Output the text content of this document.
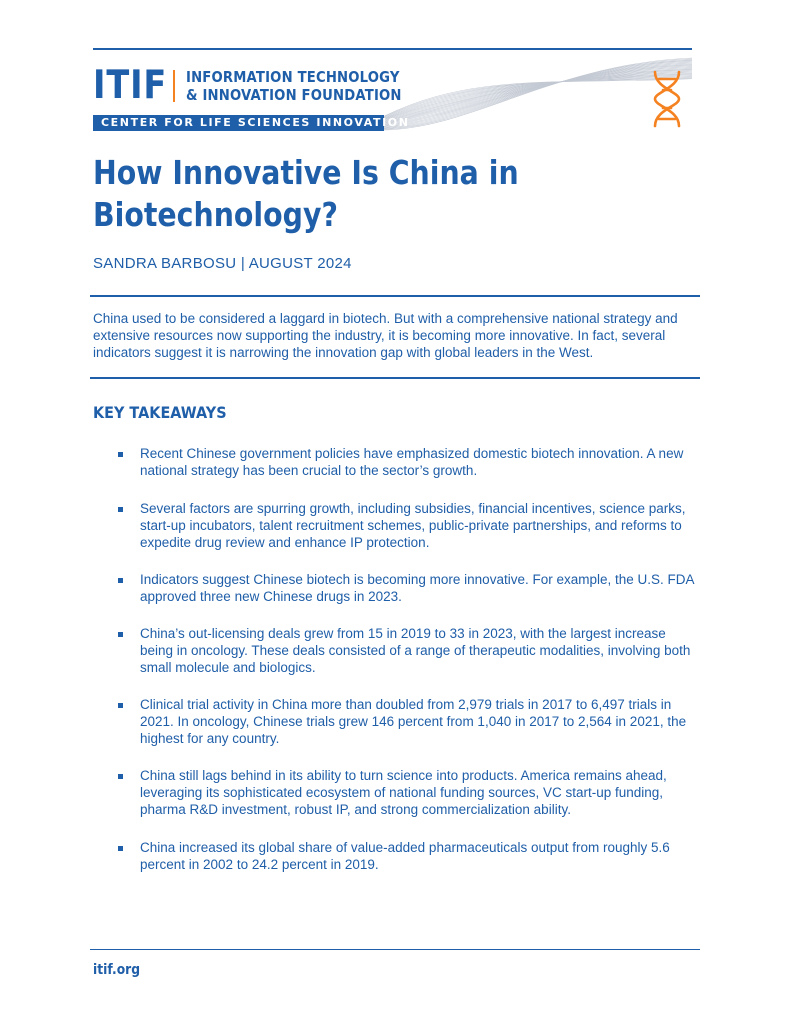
ITIF INFORMATION TECHNOLOGY
& INNOVATION FOUNDATION
CENTER FOR LIFE SCIENCES INNOVATION
How Innovative Is China in Biotechnology?
SANDRA BARBOSU | AUGUST 2024

China used to be considered a laggard in biotech. But with a comprehensive national strategy and extensive resources now supporting the industry, it is becoming more innovative. In fact, several indicators suggest it is narrowing the innovation gap with global leaders in the West.

KEY TAKEAWAYS
Recent Chinese government policies have emphasized domestic biotech innovation. A new national strategy has been crucial to the sector’s growth.
Several factors are spurring growth, including subsidies, financial incentives, science parks, start-up incubators, talent recruitment schemes, public-private partnerships, and reforms to expedite drug review and enhance IP protection.
Indicators suggest Chinese biotech is becoming more innovative. For example, the U.S. FDA approved three new Chinese drugs in 2023.
China’s out-licensing deals grew from 15 in 2019 to 33 in 2023, with the largest increase being in oncology. These deals consisted of a range of therapeutic modalities, involving both small molecule and biologics.
Clinical trial activity in China more than doubled from 2,979 trials in 2017 to 6,497 trials in 2021. In oncology, Chinese trials grew 146 percent from 1,040 in 2017 to 2,564 in 2021, the highest for any country.
China still lags behind in its ability to turn science into products. America remains ahead, leveraging its sophisticated ecosystem of national funding sources, VC start-up funding, pharma R&D investment, robust IP, and strong commercialization ability.
China increased its global share of value-added pharmaceuticals output from roughly 5.6 percent in 2002 to 24.2 percent in 2019.
itif.org
